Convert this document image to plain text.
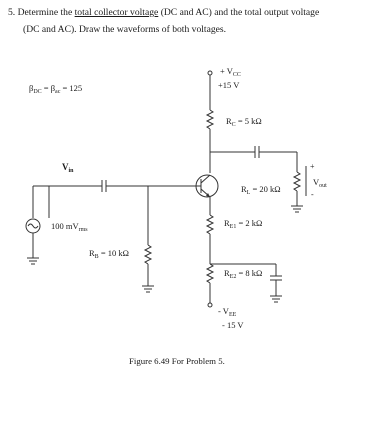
5. Determine the total collector voltage (DC and AC) and the total output voltage
(DC and AC). Draw the waveforms of both voltages.
$\beta_{DC} = \beta_{ac} = 125$
+ $V_{CC}$
+15 V
$R_C = 5$ kΩ
$V_{in}$
100 $mV_{rms}$
$R_B = 10$ kΩ
$R_L = 20$ kΩ
$R_{E1} = 2$ kΩ
$R_{E2} = 8$ kΩ
- $V_{EE}$
- 15 V
+
$V_{out}$
-
Figure 6.49 For Problem 5.
